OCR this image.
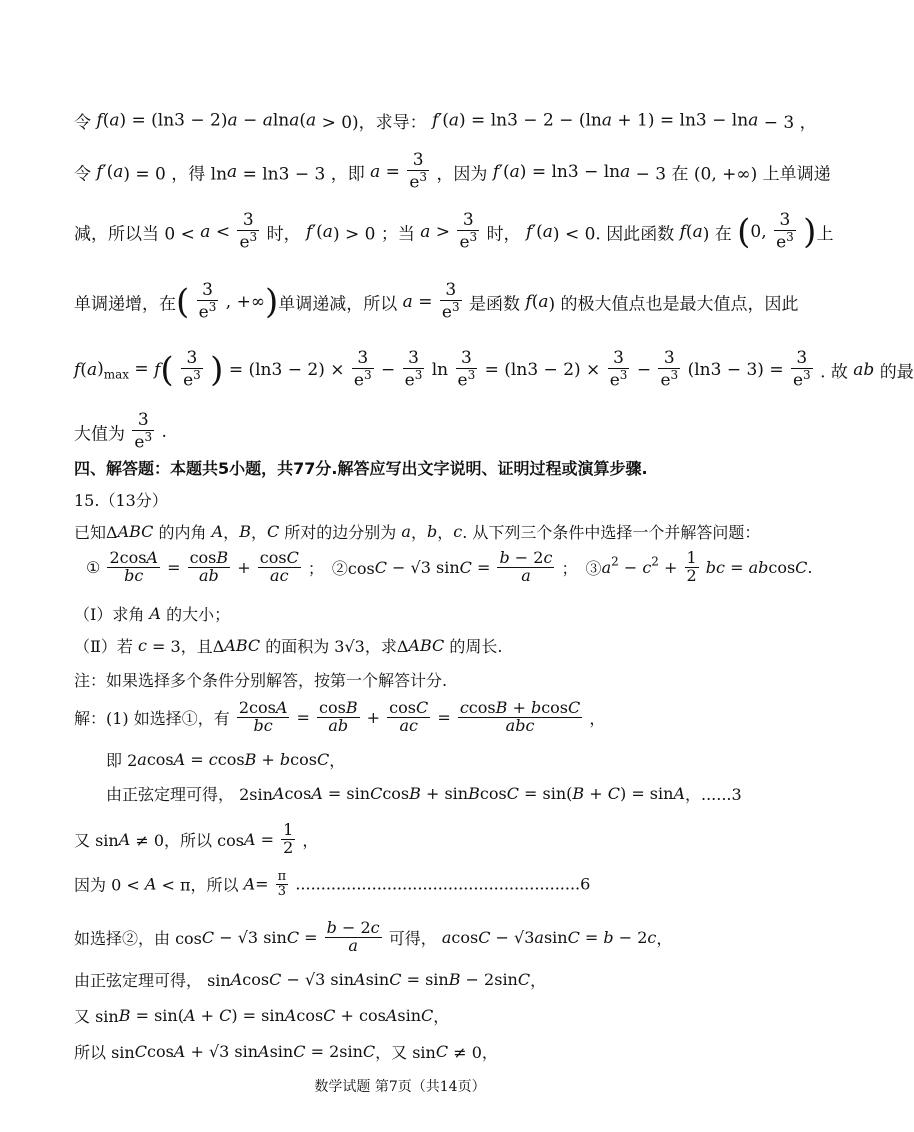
令 f(a) = (ln3 − 2)a − alna(a > 0)，求导： f′(a) = ln3 − 2 − (lna + 1) = ln3 − lna − 3 ，
令 f′(a) = 0 ，得 lna = ln3 − 3 ，即 $a = \frac{3}{e^3}$ ，因为 f′(a) = ln3 − lna − 3 在 (0, +∞) 上单调递
减，所以当 $0 < a < \frac{3}{e^3}$ 时， f′(a) > 0 ；当 $a > \frac{3}{e^3}$ 时， f′(a) < 0. 因此函数 f(a) 在 (0, $\frac{3}{e^3}$ )上
单调递增，在( $\frac{3}{e^3}$ , +∞)单调递减，所以 $a = \frac{3}{e^3}$ 是函数 f(a) 的极大值点也是最大值点，因此
$f(a)_{max} = f( \frac{3}{e^3}$ ) = $(\ln 3 - 2) \times \frac{3}{e^3} - \frac{3}{e^3}$ $\ln \frac{3}{e^3} = (\ln 3 - 2) \times \frac{3}{e^3} - \frac{3}{e^3} (\ln 3 - 3) = \frac{3}{e^3}$ . 故 ab 的最
大值为 $\frac{3}{e^3}$ .
四、解答题：本题共5小题，共77分.解答应写出文字说明、证明过程或演算步骤.
15.（13分）
已知ΔABC 的内角 A，B，C 所对的边分别为 a，b，c. 从下列三个条件中选择一个并解答问题：
① $\frac{2\cos A}{bc} = \frac{\cos B}{ab} + \frac{\cos C}{ac}$ ；　②cosC − √3 $\sin C = \frac{b - 2c}{a}$ ；　$③a^2 - c^2 + \frac{1}{2}$ bc = abcosC.
（Ⅰ）求角 A 的大小；
（Ⅱ）若 c = 3，且ΔABC 的面积为 3√3，求ΔABC 的周长.
注：如果选择多个条件分别解答，按第一个解答计分.
解：(1) 如选择①，有 $\frac{2\cos A}{bc} = \frac{\cos B}{ab} + \frac{\cos C}{ac} = \frac{ccosB + bcosC}{\text{abc}}$ ，
即 2acosA = ccosB + bcosC，
由正弦定理可得， 2sinAcosA = sinCcosB + sinBcosC = sin(B + C) = sinA，......3
又 sinA ≠ 0，所以 $\cos A = \frac{1}{2}$ ，
因为 0 < A < π，所以 $A= \frac{\pi}{3} ........................................................6$
如选择②，由 cosC − √3 $\sin C = \frac{b - 2c}{a}$ 可得， acosC − √3asinC = b − 2c，
由正弦定理可得， sinAcosC − √3 sinAsinC = sinB − 2sinC，
又 sinB = sin(A + C) = sinAcosC + cosAsinC，
所以 sinCcosA + √3 sinAsinC = 2sinC，又 sinC ≠ 0，
数学试题 第7页（共14页）
